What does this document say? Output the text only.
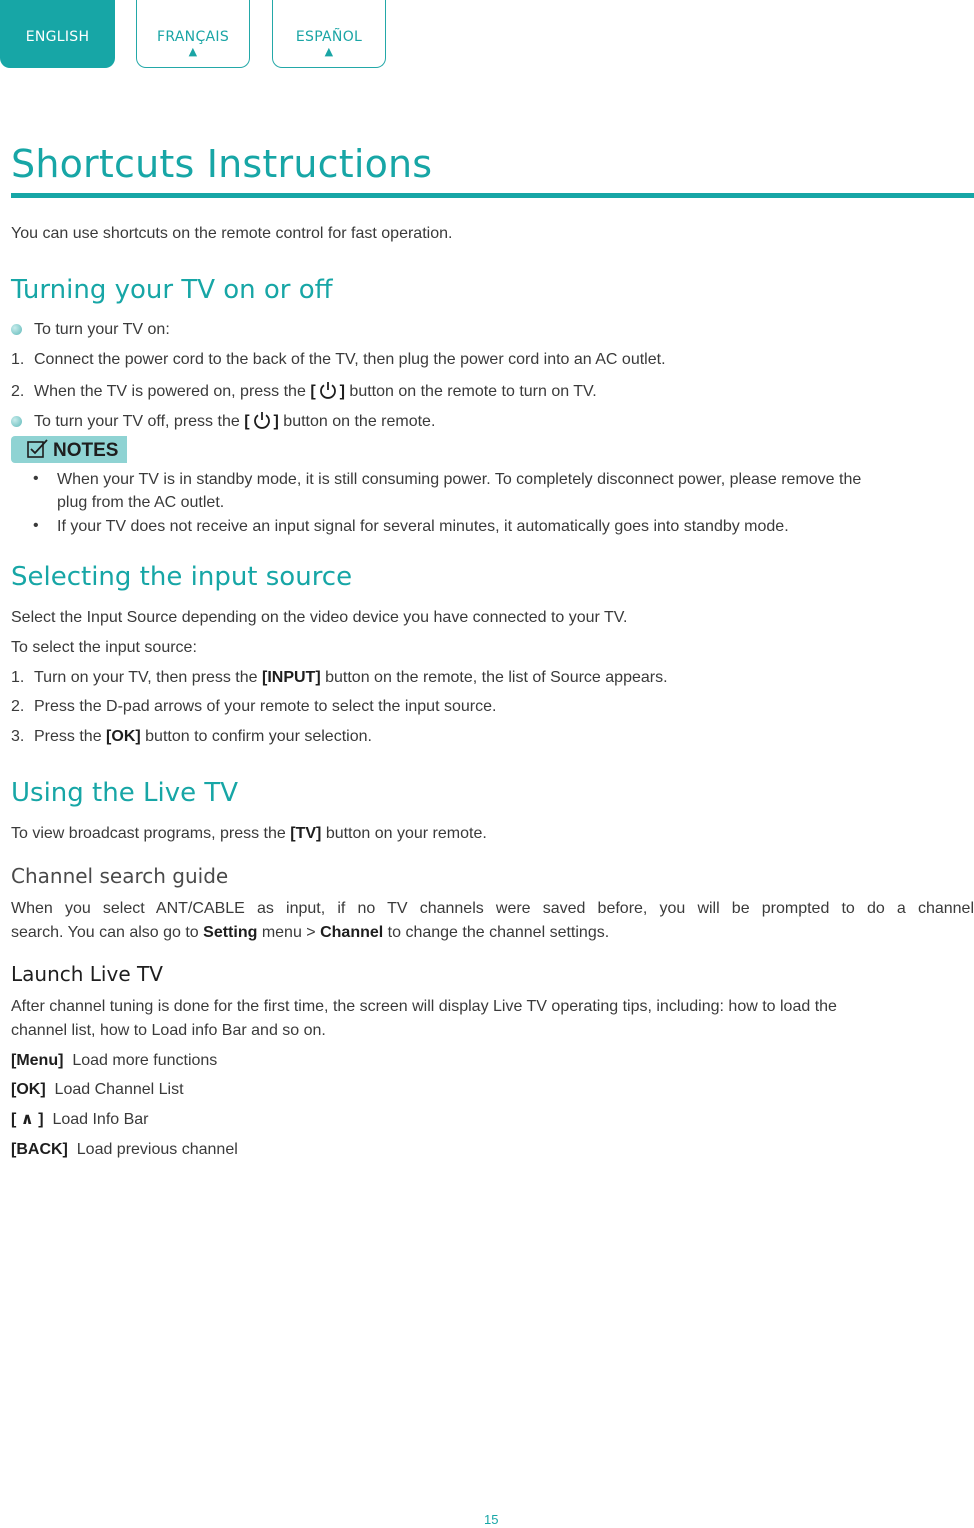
ENGLISH	FRANÇAIS
▲
ESPAÑOL
▲
Shortcuts Instructions
You can use shortcuts on the remote control for fast operation.
Turning your TV on or off
To turn your TV on:
1. Connect the power cord to the back of the TV, then plug the power cord into an AC outlet.
2. When the TV is powered on, press the [ ] button on the remote to turn on TV.
To turn your TV off, press the [ ] button on the remote.
NOTES
• When your TV is in standby mode, it is still consuming power. To completely disconnect power, please remove the
plug from the AC outlet.
• If your TV does not receive an input signal for several minutes, it automatically goes into standby mode.
Selecting the input source
Select the Input Source depending on the video device you have connected to your TV.
To select the input source:
1. Turn on your TV, then press the [INPUT] button on the remote, the list of Source appears.
2. Press the D-pad arrows of your remote to select the input source.
3. Press the [OK] button to confirm your selection.
Using the Live TV
To view broadcast programs, press the [TV] button on your remote.
Channel search guide
When you select ANT/CABLE as input, if no TV channels were saved before, you will be prompted to do a channel
search. You can also go to Setting menu > Channel to change the channel settings.
Launch Live TV
After channel tuning is done for the first time, the screen will display Live TV operating tips, including: how to load the
channel list, how to Load info Bar and so on.
[Menu] Load more functions
[OK] Load Channel List
[ ∧ ] Load Info Bar
[BACK] Load previous channel
15
